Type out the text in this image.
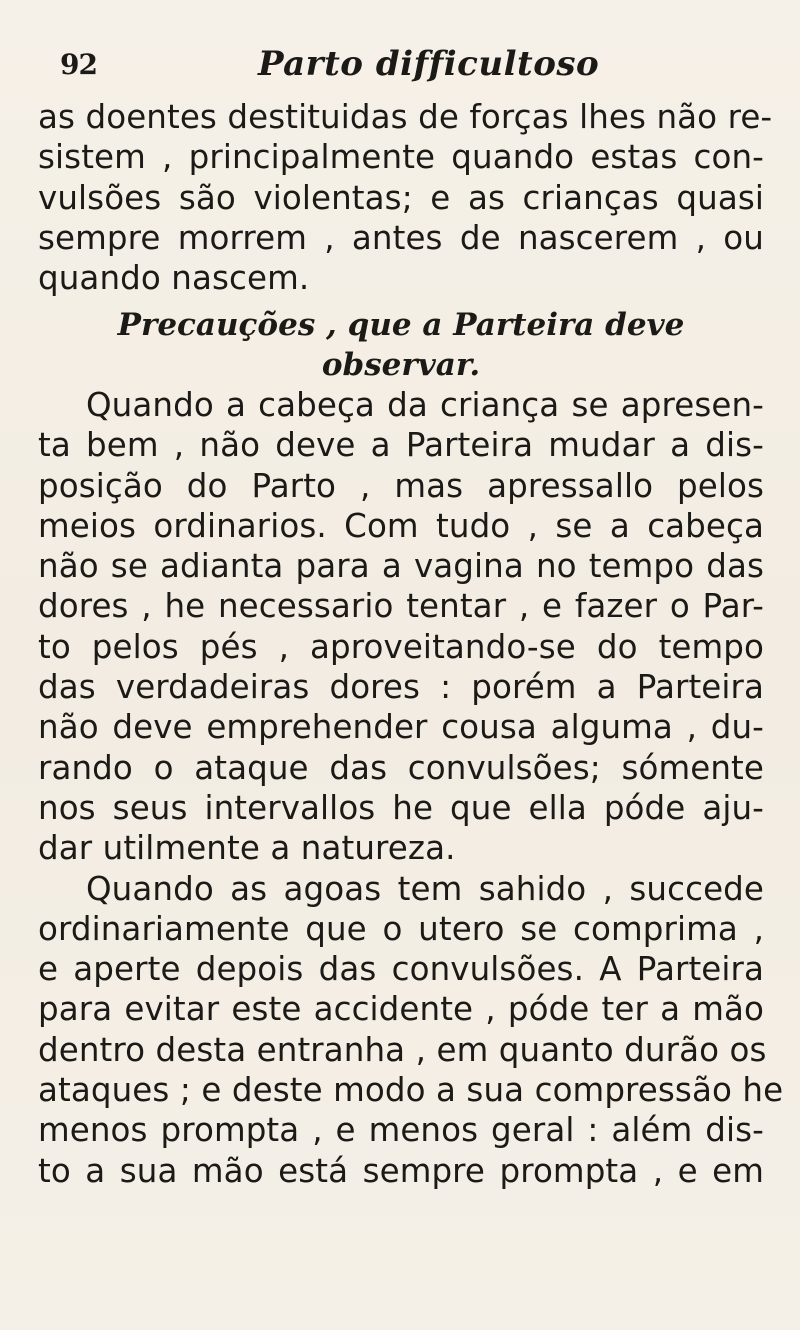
92	Parto difficultoso
as doentes destituidas de forças lhes não re-
sistem , principalmente quando estas con-
vulsões são violentas; e as crianças quasi
sempre morrem , antes de nascerem , ou
quando nascem.
Precauções , que a Parteira deve
observar.
Quando a cabeça da criança se apresen-
ta bem , não deve a Parteira mudar a dis-
posição do Parto , mas apressallo pelos
meios ordinarios. Com tudo , se a cabeça
não se adianta para a vagina no tempo das
dores , he necessario tentar , e fazer o Par-
to pelos pés , aproveitando-se do tempo
das verdadeiras dores : porém a Parteira
não deve emprehender cousa alguma , du-
rando o ataque das convulsões; sómente
nos seus intervallos he que ella póde aju-
dar utilmente a natureza.
Quando as agoas tem sahido , succede
ordinariamente que o utero se comprima ,
e aperte depois das convulsões. A Parteira
para evitar este accidente , póde ter a mão
dentro desta entranha , em quanto durão os
ataques ; e deste modo a sua compressão he
menos prompta , e menos geral : além dis-
to a sua mão está sempre prompta , e em
